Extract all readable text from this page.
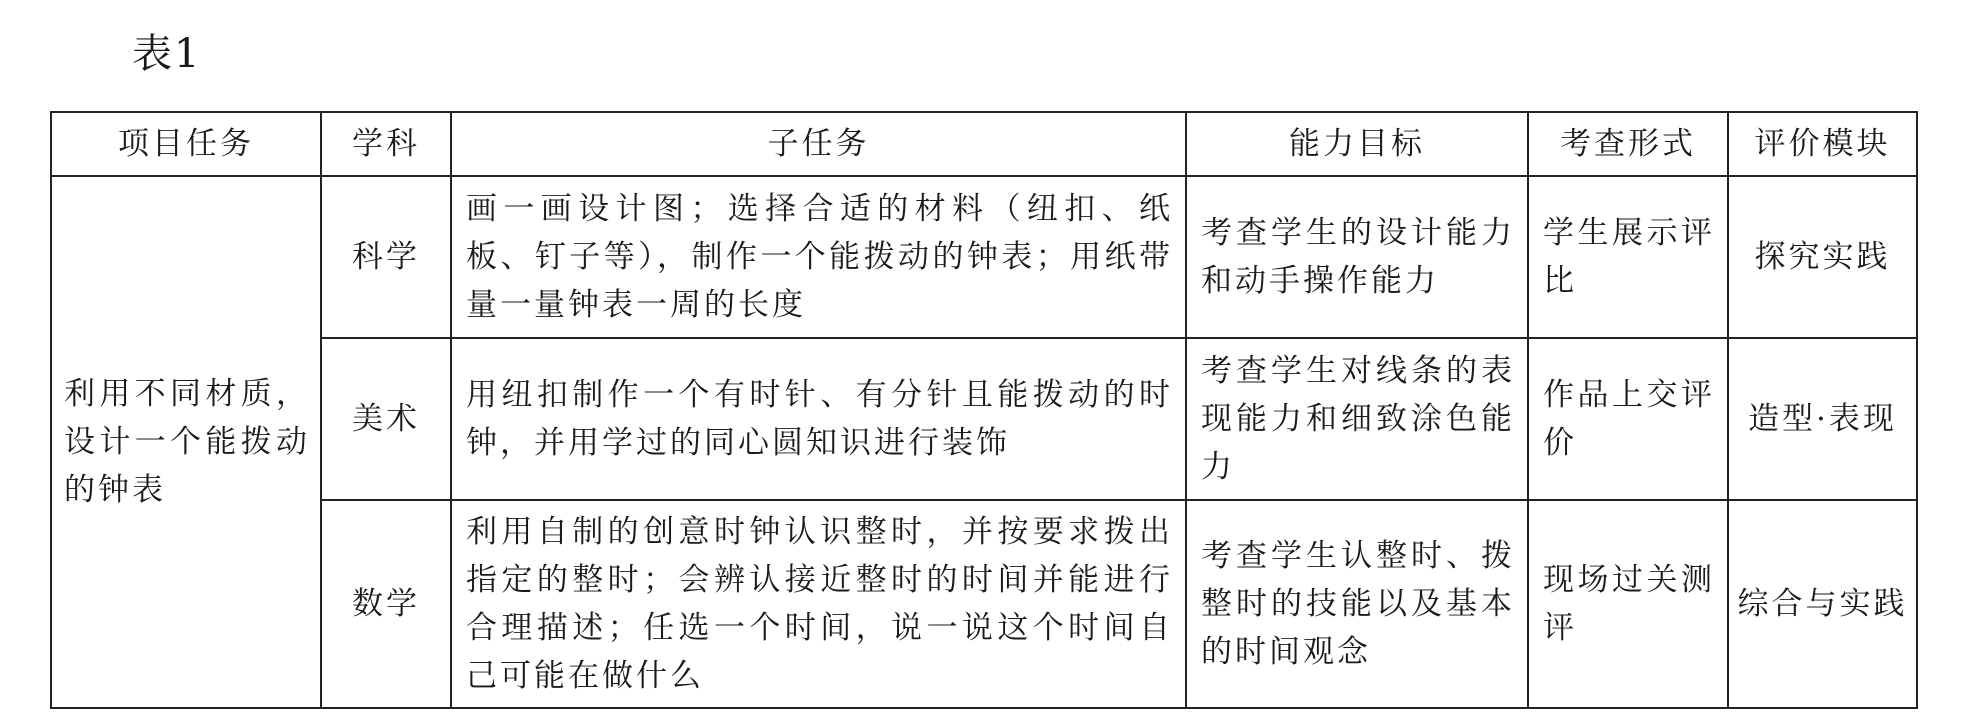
表1
项目任务	学科	子任务	能力目标	考查形式	评价模块
利用不同材质，设计一个能拨动的钟表	科学	画一画设计图；选择合适的材料（纽扣、纸板、钉子等），制作一个能拨动的钟表；用纸带量一量钟表一周的长度	考查学生的设计能力和动手操作能力	学生展示评比	探究实践
	美术	用纽扣制作一个有时针、有分针且能拨动的时钟，并用学过的同心圆知识进行装饰	考查学生对线条的表现能力和细致涂色能力	作品上交评价	造型·表现
	数学	利用自制的创意时钟认识整时，并按要求拨出指定的整时；会辨认接近整时的时间并能进行合理描述；任选一个时间，说一说这个时间自己可能在做什么	考查学生认整时、拨整时的技能以及基本的时间观念	现场过关测评	综合与实践
